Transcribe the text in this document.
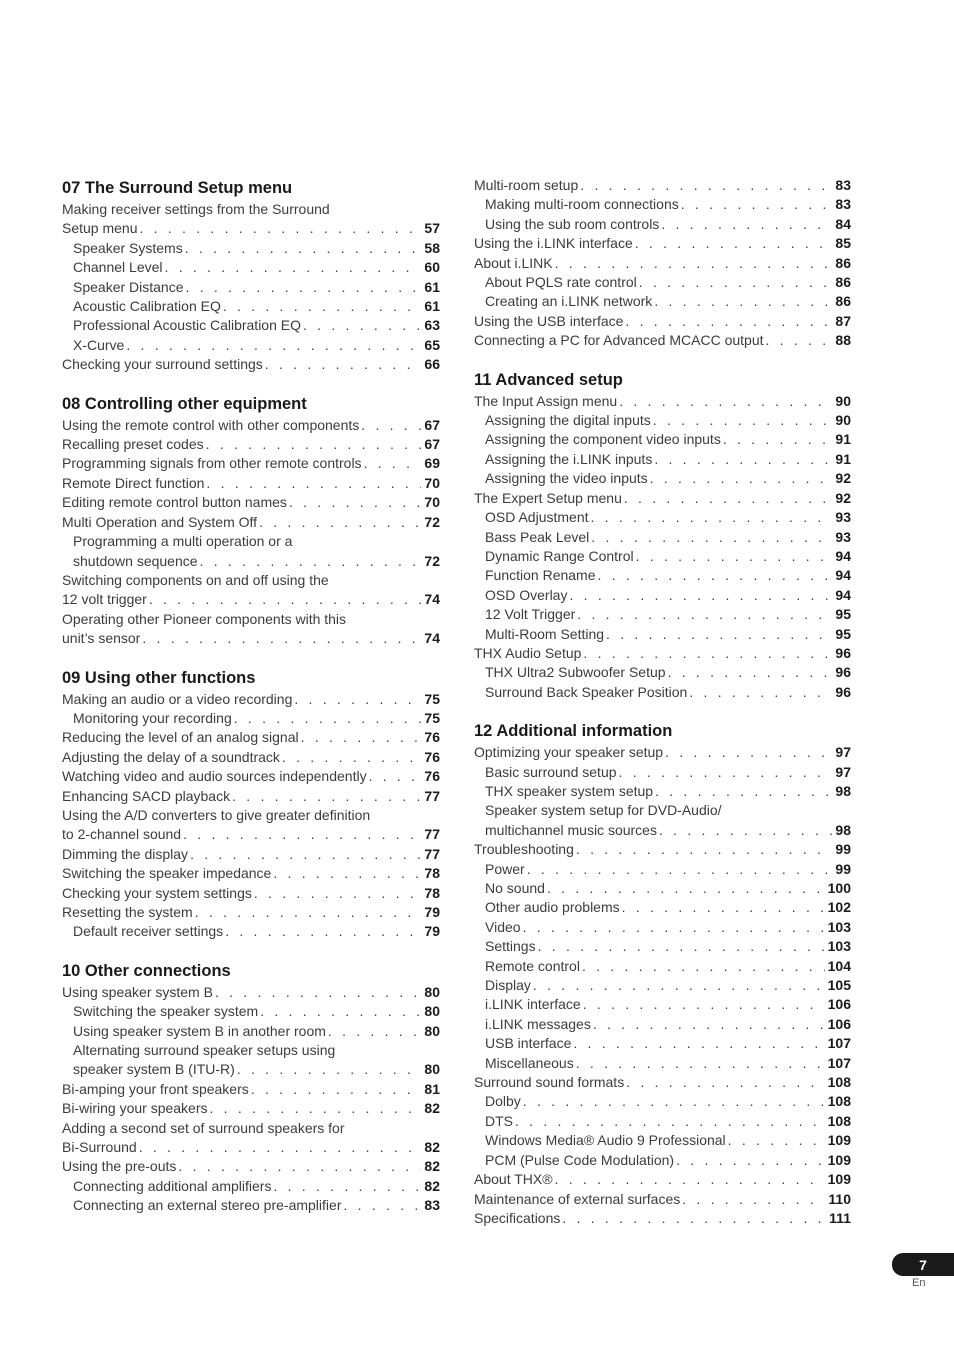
07 The Surround Setup menu
Making receiver settings from the Surround
Setup menu . . .	57
Speaker Systems . . .	58
Channel Level . . .	60
Speaker Distance . . .	61
Acoustic Calibration EQ . . .	61
Professional Acoustic Calibration EQ . . .	63
X-Curve . . .	65
Checking your surround settings . . .	66
08 Controlling other equipment
Using the remote control with other components . . .	67
Recalling preset codes . . .	67
Programming signals from other remote controls . . .	69
Remote Direct function . . .	70
Editing remote control button names . . .	70
Multi Operation and System Off . . .	72
Programming a multi operation or a
shutdown sequence . . .	72
Switching components on and off using the
12 volt trigger . . .	74
Operating other Pioneer components with this
unit’s sensor . . .	74
09 Using other functions
Making an audio or a video recording . . .	75
Monitoring your recording . . .	75
Reducing the level of an analog signal . . .	76
Adjusting the delay of a soundtrack . . .	76
Watching video and audio sources independently . . .	76
Enhancing SACD playback . . .	77
Using the A/D converters to give greater definition
to 2-channel sound . . .	77
Dimming the display . . .	77
Switching the speaker impedance . . .	78
Checking your system settings . . .	78
Resetting the system . . .	79
Default receiver settings . . .	79
10 Other connections
Using speaker system B . . .	80
Switching the speaker system . . .	80
Using speaker system B in another room . . .	80
Alternating surround speaker setups using
speaker system B (ITU-R) . . .	80
Bi-amping your front speakers . . .	81
Bi-wiring your speakers . . .	82
Adding a second set of surround speakers for
Bi-Surround . . .	82
Using the pre-outs . . .	82
Connecting additional amplifiers . . .	82
Connecting an external stereo pre-amplifier . . .	83
Multi-room setup . . .	83
Making multi-room connections . . .	83
Using the sub room controls . . .	84
Using the i.LINK interface . . .	85
About i.LINK . . .	86
About PQLS rate control . . .	86
Creating an i.LINK network . . .	86
Using the USB interface . . .	87
Connecting a PC for Advanced MCACC output . . .	88
11 Advanced setup
The Input Assign menu . . .	90
Assigning the digital inputs . . .	90
Assigning the component video inputs . . .	91
Assigning the i.LINK inputs . . .	91
Assigning the video inputs . . .	92
The Expert Setup menu . . .	92
OSD Adjustment . . .	93
Bass Peak Level . . .	93
Dynamic Range Control . . .	94
Function Rename . . .	94
OSD Overlay . . .	94
12 Volt Trigger . . .	95
Multi-Room Setting . . .	95
THX Audio Setup . . .	96
THX Ultra2 Subwoofer Setup . . .	96
Surround Back Speaker Position . . .	96
12 Additional information
Optimizing your speaker setup . . .	97
Basic surround setup . . .	97
THX speaker system setup . . .	98
Speaker system setup for DVD-Audio/
multichannel music sources . . .	98
Troubleshooting . . .	99
Power . . .	99
No sound . . .	100
Other audio problems . . .	102
Video . . .	103
Settings . . .	103
Remote control . . .	104
Display . . .	105
i.LINK interface . . .	106
i.LINK messages . . .	106
USB interface . . .	107
Miscellaneous . . .	107
Surround sound formats . . .	108
Dolby . . .	108
DTS . . .	108
Windows Media® Audio 9 Professional . . .	109
PCM (Pulse Code Modulation) . . .	109
About THX® . . .	109
Maintenance of external surfaces . . .	110
Specifications . . .	111
7
En
